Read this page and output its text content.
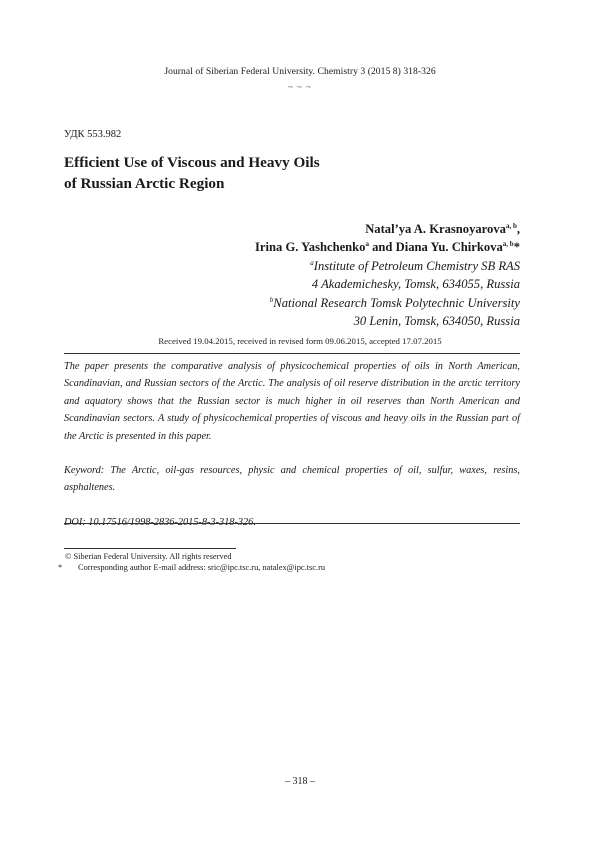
Journal of Siberian Federal University. Chemistry 3 (2015 8) 318-326
~ ~ ~
УДК 553.982
Efficient Use of Viscous and Heavy Oils
of Russian Arctic Region
Natal’ya A. Krasnoyarova$^{a, b}$,
Irina G. Yashchenko$^a$ and Diana Yu. Chirkova$^{a, b}$*
$^a$Institute of Petroleum Chemistry SB RAS
4 Akademichesky, Tomsk, 634055, Russia
$^b$National Research Tomsk Polytechnic University
30 Lenin, Tomsk, 634050, Russia
Received 19.04.2015, received in revised form 09.06.2015, accepted 17.07.2015

The paper presents the comparative analysis of physicochemical properties of oils in North American, Scandinavian, and Russian sectors of the Arctic. The analysis of oil reserve distribution in the arctic territory and aquatory shows that the Russian sector is much higher in oil reserves than North American and Scandinavian sectors. A study of physicochemical properties of viscous and heavy oils in the Russian part of the Arctic is presented in this paper.

Keyword: The Arctic, oil-gas resources, physic and chemical properties of oil, sulfur, waxes, resins, asphaltenes.

DOI: 10.17516/1998-2836-2015-8-3-318-326.

© Siberian Federal University. All rights reserved
* Corresponding author E-mail address: sric@ipc.tsc.ru, natalex@ipc.tsc.ru
– 318 –
